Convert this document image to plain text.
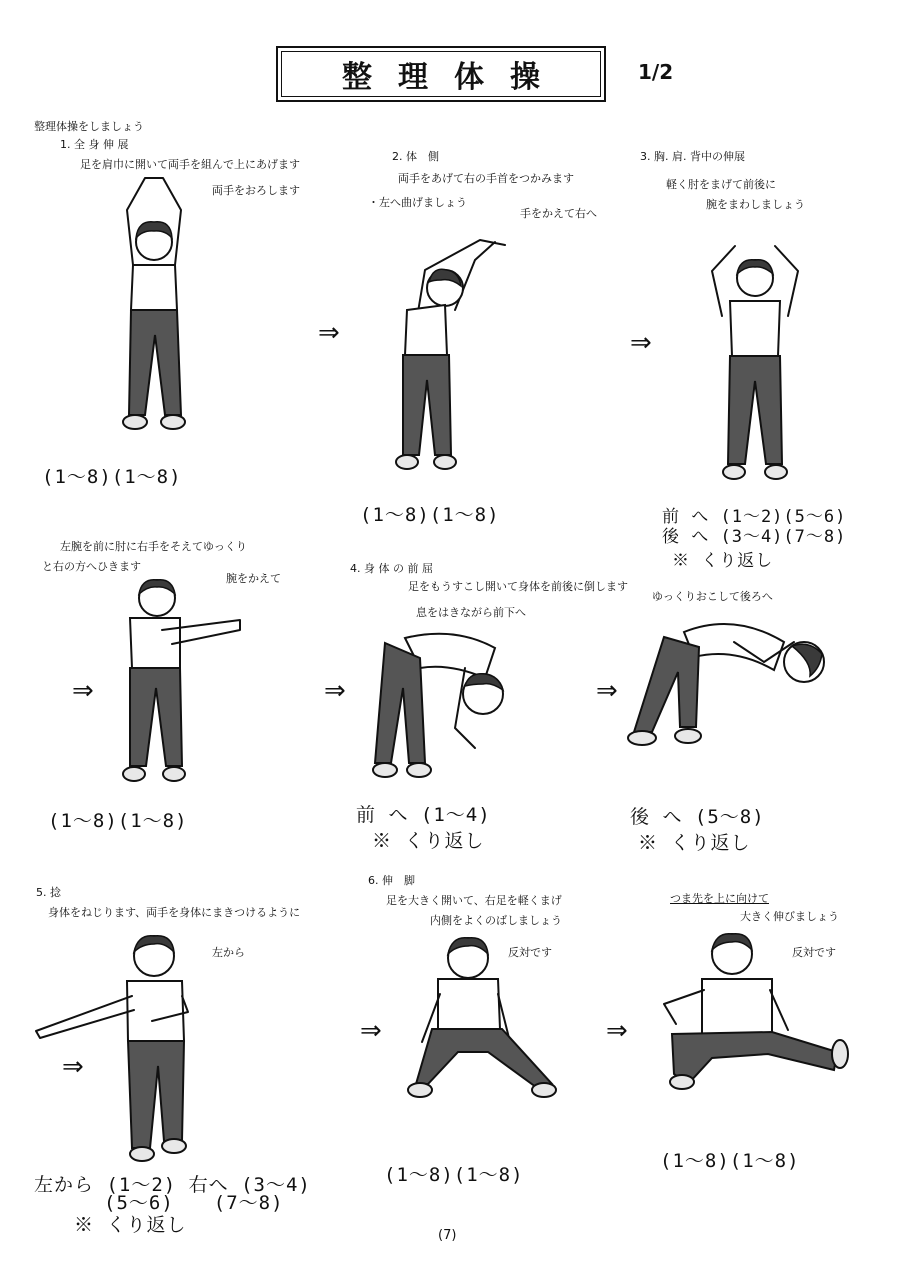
整理体操	1/2
整理体操をしましょう
1. 全 身 伸 展
足を肩巾に開いて両手を組んで上にあげます
両手をおろします
(1～8)(1～8)
⇒
2. 体　側
両手をあげて右の手首をつかみます
・左へ曲げましょう
手をかえて右へ
(1～8)(1～8)
⇒
3. 胸. 肩. 背中の伸展
軽く肘をまげて前後に
腕をまわしましょう
前 へ (1～2)(5～6)
後 へ (3～4)(7～8)
※ くり返し
左腕を前に肘に右手をそえてゆっくり
と右の方へひきます
腕をかえて
⇒
(1～8)(1～8)
⇒
4. 身 体 の 前 屈
足をもうすこし開いて身体を前後に倒します
息をはきながら前下へ
前 へ (1～4)
※ くり返し
⇒
ゆっくりおこして後ろへ
後 へ (5～8)
※ くり返し
5. 捻
身体をねじります、両手を身体にまきつけるように
左から
⇒
左から (1～2) 右へ (3～4)
(5～6)　　(7～8)
※ くり返し
⇒
6. 伸　脚
足を大きく開いて、右足を軽くまげ
内側をよくのばしましょう
反対です
(1～8)(1～8)
⇒
つま先を上に向けて
大きく伸びましょう
反対です
(1～8)(1～8)
(7)
